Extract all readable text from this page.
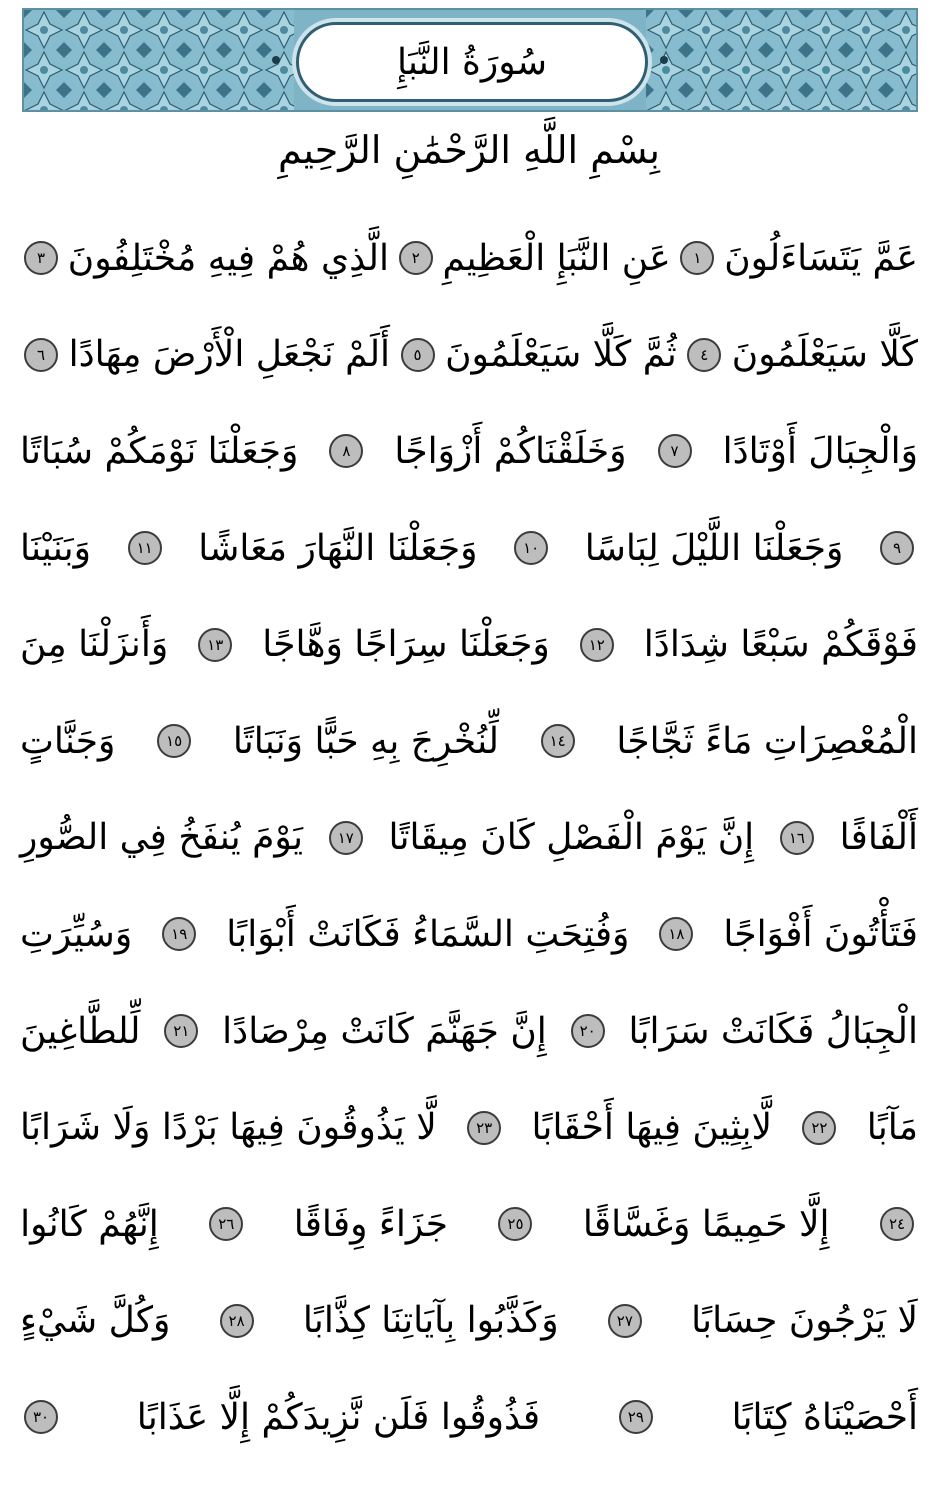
سُورَةُ النَّبَإِ
بِسْمِ اللَّهِ الرَّحْمَٰنِ الرَّحِيمِ
عَمَّ يَتَسَاءَلُونَ
١
عَنِ النَّبَإِ الْعَظِيمِ
٢
الَّذِي هُمْ فِيهِ مُخْتَلِفُونَ
٣
كَلَّا سَيَعْلَمُونَ
٤
ثُمَّ كَلَّا سَيَعْلَمُونَ
٥
أَلَمْ نَجْعَلِ الْأَرْضَ مِهَادًا
٦
وَالْجِبَالَ أَوْتَادًا
٧
وَخَلَقْنَاكُمْ أَزْوَاجًا
٨
وَجَعَلْنَا نَوْمَكُمْ سُبَاتًا
٩
وَجَعَلْنَا اللَّيْلَ لِبَاسًا
١٠
وَجَعَلْنَا النَّهَارَ مَعَاشًا
١١
وَبَنَيْنَا
فَوْقَكُمْ سَبْعًا شِدَادًا
١٢
وَجَعَلْنَا سِرَاجًا وَهَّاجًا
١٣
وَأَنزَلْنَا مِنَ
الْمُعْصِرَاتِ مَاءً ثَجَّاجًا
١٤
لِّنُخْرِجَ بِهِ حَبًّا وَنَبَاتًا
١٥
وَجَنَّاتٍ
أَلْفَافًا
١٦
إِنَّ يَوْمَ الْفَصْلِ كَانَ مِيقَاتًا
١٧
يَوْمَ يُنفَخُ فِي الصُّورِ
فَتَأْتُونَ أَفْوَاجًا
١٨
وَفُتِحَتِ السَّمَاءُ فَكَانَتْ أَبْوَابًا
١٩
وَسُيِّرَتِ
الْجِبَالُ فَكَانَتْ سَرَابًا
٢٠
إِنَّ جَهَنَّمَ كَانَتْ مِرْصَادًا
٢١
لِّلطَّاغِينَ
مَآبًا
٢٢
لَّابِثِينَ فِيهَا أَحْقَابًا
٢٣
لَّا يَذُوقُونَ فِيهَا بَرْدًا وَلَا شَرَابًا
٢٤
إِلَّا حَمِيمًا وَغَسَّاقًا
٢٥
جَزَاءً وِفَاقًا
٢٦
إِنَّهُمْ كَانُوا
لَا يَرْجُونَ حِسَابًا
٢٧
وَكَذَّبُوا بِآيَاتِنَا كِذَّابًا
٢٨
وَكُلَّ شَيْءٍ
أَحْصَيْنَاهُ كِتَابًا
٢٩
فَذُوقُوا فَلَن نَّزِيدَكُمْ إِلَّا عَذَابًا
٣٠
